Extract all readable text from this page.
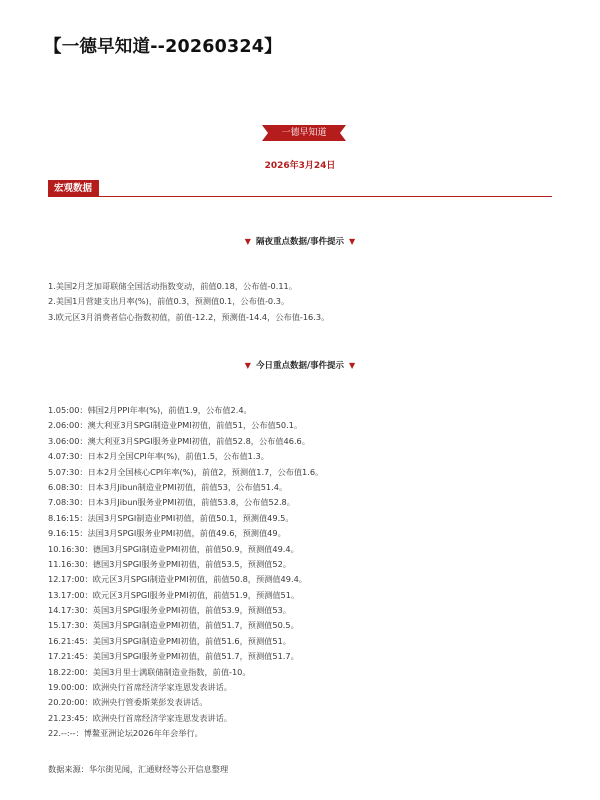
【一德早知道--20260324】
一德早知道
2026年3月24日
宏观数据
▼ 隔夜重点数据/事件提示 ▼
1.美国2月芝加哥联储全国活动指数变动，前值0.18，公布值-0.11。
2.美国1月营建支出月率(%)，前值0.3，预测值0.1，公布值-0.3。
3.欧元区3月消费者信心指数初值，前值-12.2，预测值-14.4，公布值-16.3。
▼ 今日重点数据/事件提示 ▼
1.05:00：韩国2月PPI年率(%)，前值1.9，公布值2.4。
2.06:00：澳大利亚3月SPGI制造业PMI初值，前值51，公布值50.1。
3.06:00：澳大利亚3月SPGI服务业PMI初值，前值52.8，公布值46.6。
4.07:30：日本2月全国CPI年率(%)，前值1.5，公布值1.3。
5.07:30：日本2月全国核心CPI年率(%)，前值2，预测值1.7，公布值1.6。
6.08:30：日本3月Jibun制造业PMI初值，前值53，公布值51.4。
7.08:30：日本3月Jibun服务业PMI初值，前值53.8，公布值52.8。
8.16:15：法国3月SPGI制造业PMI初值，前值50.1，预测值49.5。
9.16:15：法国3月SPGI服务业PMI初值，前值49.6，预测值49。
10.16:30：德国3月SPGI制造业PMI初值，前值50.9，预测值49.4。
11.16:30：德国3月SPGI服务业PMI初值，前值53.5，预测值52。
12.17:00：欧元区3月SPGI制造业PMI初值，前值50.8，预测值49.4。
13.17:00：欧元区3月SPGI服务业PMI初值，前值51.9，预测值51。
14.17:30：英国3月SPGI服务业PMI初值，前值53.9，预测值53。
15.17:30：英国3月SPGI制造业PMI初值，前值51.7，预测值50.5。
16.21:45：美国3月SPGI制造业PMI初值，前值51.6，预测值51。
17.21:45：美国3月SPGI服务业PMI初值，前值51.7，预测值51.7。
18.22:00：美国3月里士满联储制造业指数，前值-10。
19.00:00：欧洲央行首席经济学家连恩发表讲话。
20.20:00：欧洲央行管委斯莱彭发表讲话。
21.23:45：欧洲央行首席经济学家连恩发表讲话。
22.--:--：博鳌亚洲论坛2026年年会举行。
数据来源：华尔街见闻，汇通财经等公开信息整理
